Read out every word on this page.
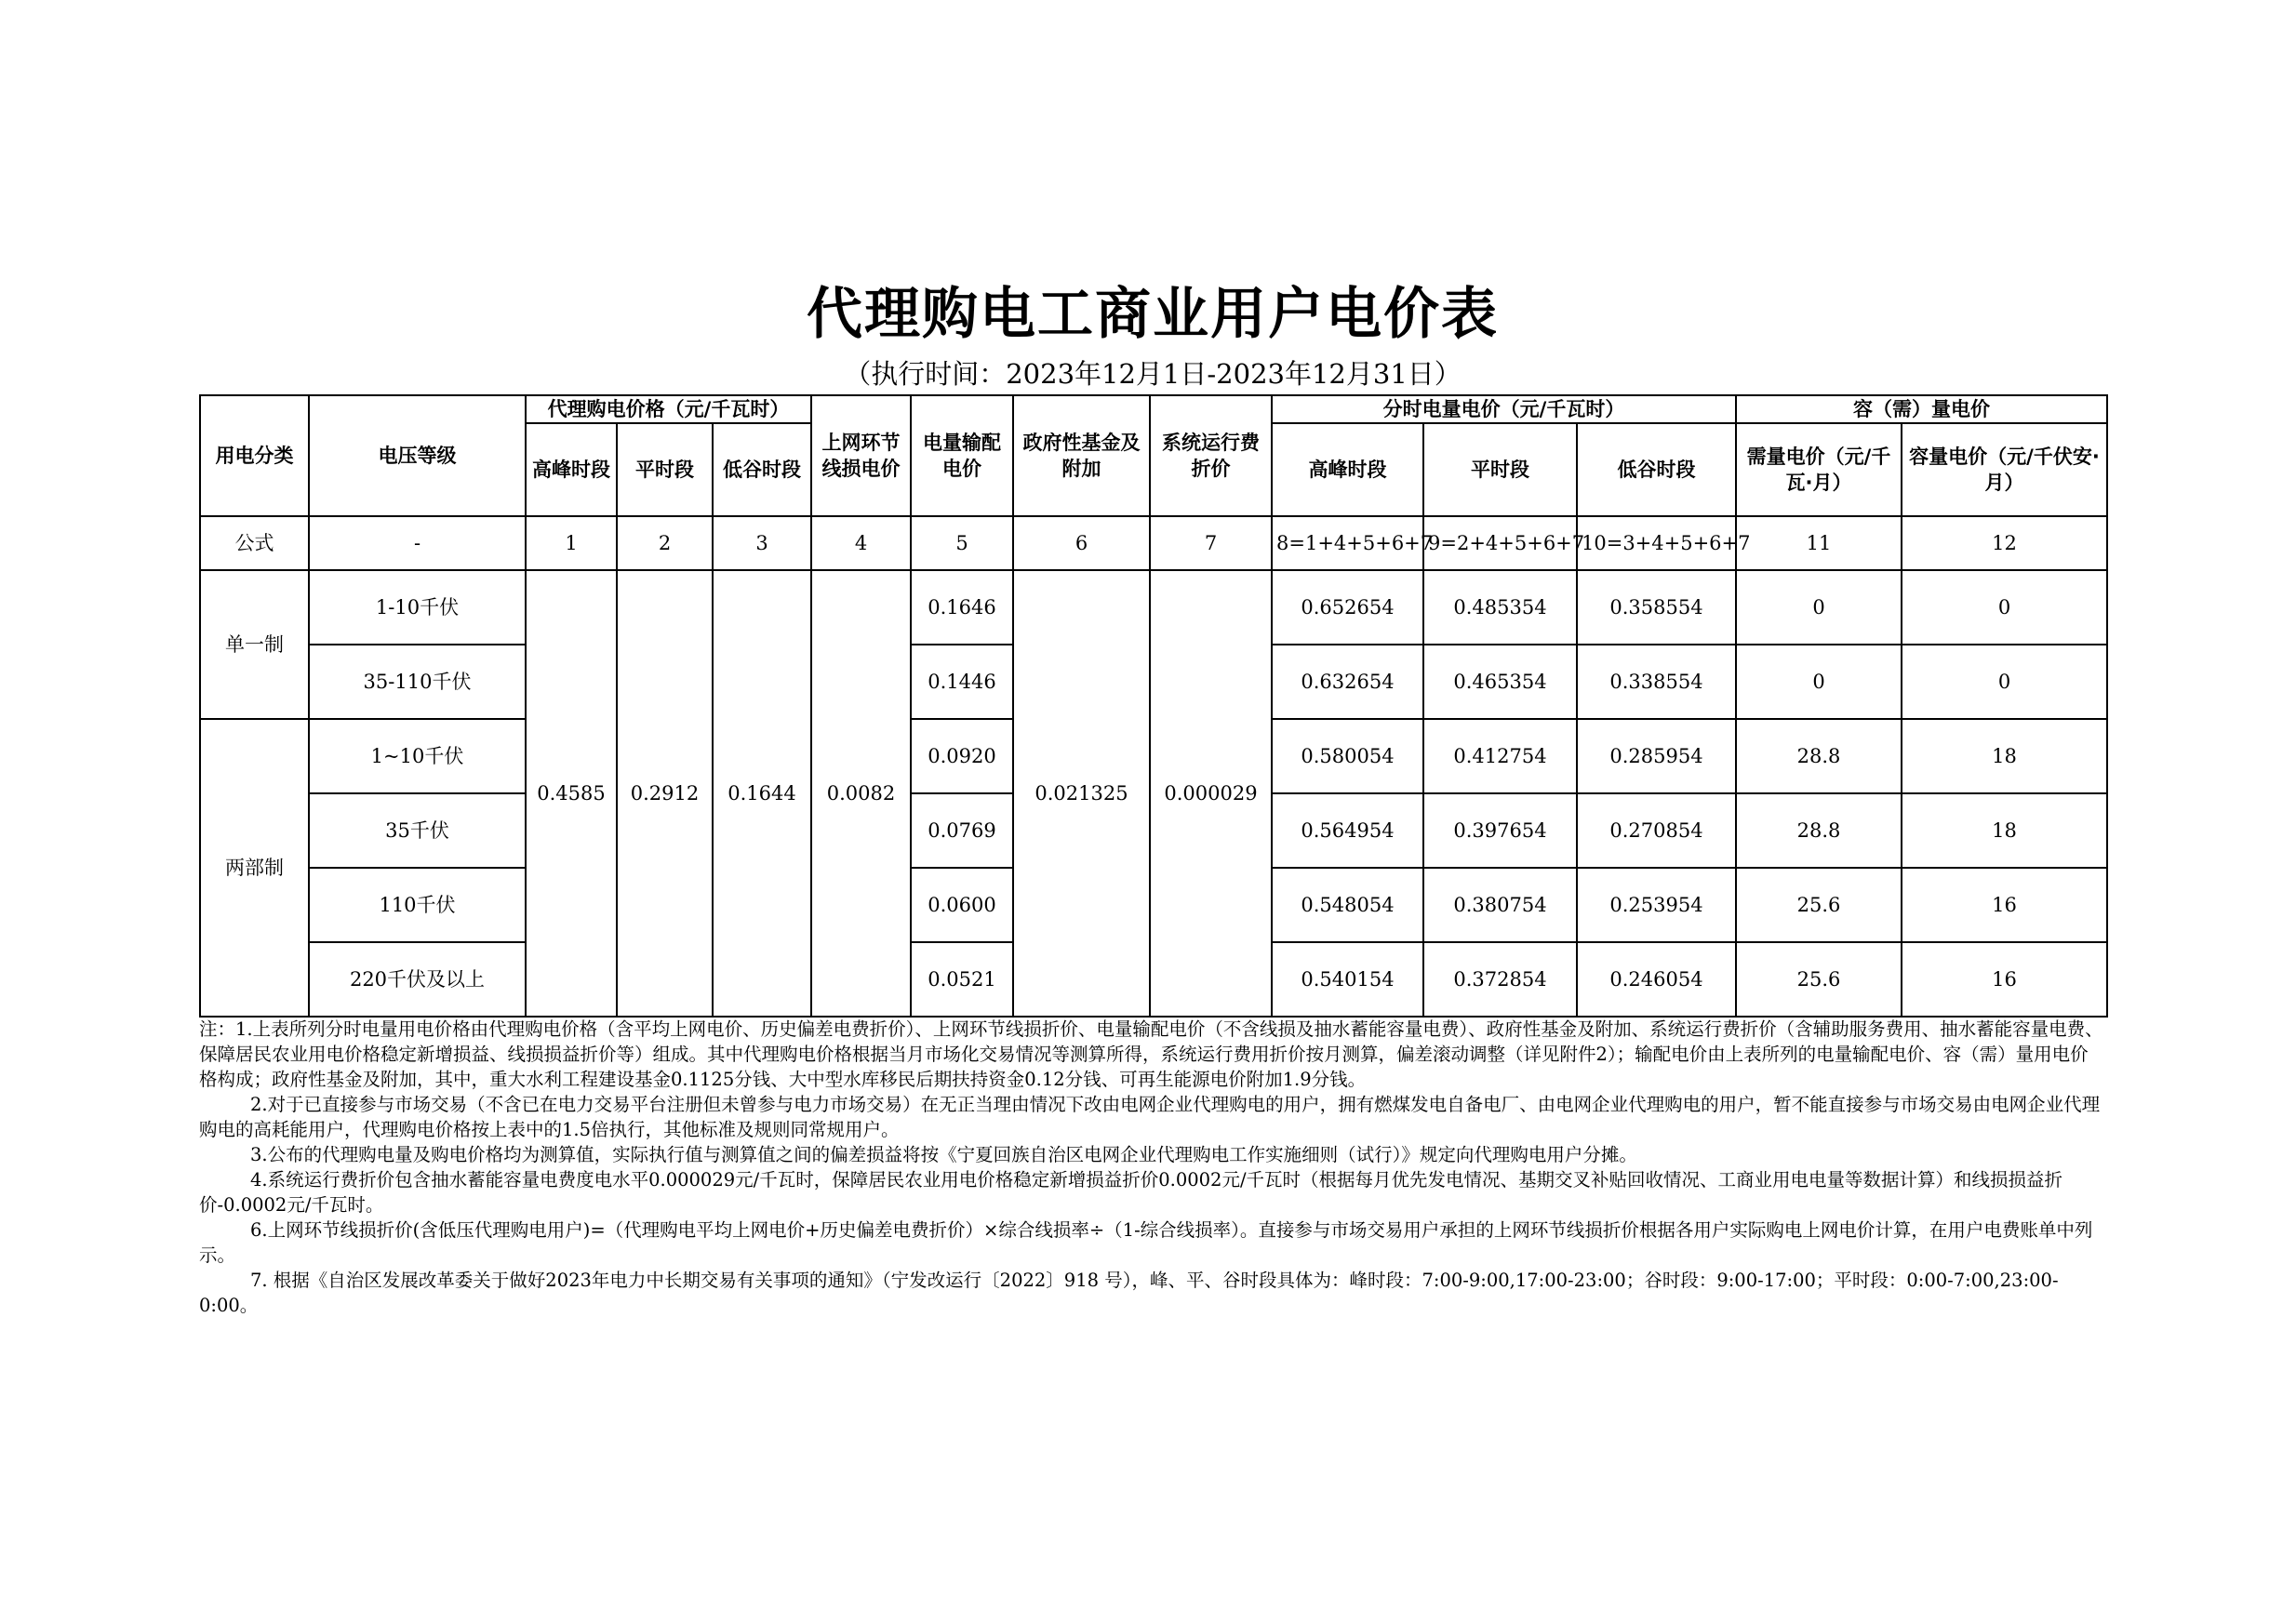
代理购电工商业用户电价表
（执行时间：2023年12月1日-2023年12月31日）
用电分类	电压等级	代理购电价格（元/千瓦时）			上网环节线损电价	电量输配电价	政府性基金及附加	系统运行费折价	分时电量电价（元/千瓦时）			容（需）量电价	
		高峰时段	平时段	低谷时段					高峰时段	平时段	低谷时段	需量电价（元/千瓦·月）	容量电价（元/千伏安·月）
公式	-	1	2	3	4	5	6	7	8=1+4+5+6+7	9=2+4+5+6+7	10=3+4+5+6+7	11	12
单一制	1-10千伏	0.4585	0.2912	0.1644	0.0082	0.1646	0.021325	0.000029	0.652654	0.485354	0.358554	0	0
	35-110千伏					0.1446			0.632654	0.465354	0.338554	0	0
两部制	1~10千伏					0.0920			0.580054	0.412754	0.285954	28.8	18
	35千伏					0.0769			0.564954	0.397654	0.270854	28.8	18
	110千伏					0.0600			0.548054	0.380754	0.253954	25.6	16
	220千伏及以上					0.0521			0.540154	0.372854	0.246054	25.6	16

注：1.上表所列分时电量用电价格由代理购电价格（含平均上网电价、历史偏差电费折价）、上网环节线损折价、电量输配电价（不含线损及抽水蓄能容量电费）、政府性基金及附加、系统运行费折价（含辅助服务费用、抽水蓄能容量电费、保障居民农业用电价格稳定新增损益、线损损益折价等）组成。其中代理购电价格根据当月市场化交易情况等测算所得，系统运行费用折价按月测算，偏差滚动调整（详见附件2）；输配电价由上表所列的电量输配电价、容（需）量用电价格构成；政府性基金及附加，其中，重大水利工程建设基金0.1125分钱、大中型水库移民后期扶持资金0.12分钱、可再生能源电价附加1.9分钱。

2.对于已直接参与市场交易（不含已在电力交易平台注册但未曾参与电力市场交易）在无正当理由情况下改由电网企业代理购电的用户，拥有燃煤发电自备电厂、由电网企业代理购电的用户，暂不能直接参与市场交易由电网企业代理购电的高耗能用户，代理购电价格按上表中的1.5倍执行，其他标准及规则同常规用户。

3.公布的代理购电量及购电价格均为测算值，实际执行值与测算值之间的偏差损益将按《宁夏回族自治区电网企业代理购电工作实施细则（试行）》规定向代理购电用户分摊。

4.系统运行费折价包含抽水蓄能容量电费度电水平0.000029元/千瓦时，保障居民农业用电价格稳定新增损益折价0.0002元/千瓦时（根据每月优先发电情况、基期交叉补贴回收情况、工商业用电电量等数据计算）和线损损益折价-0.0002元/千瓦时。

6.上网环节线损折价(含低压代理购电用户)=（代理购电平均上网电价+历史偏差电费折价）×综合线损率÷（1-综合线损率）。直接参与市场交易用户承担的上网环节线损折价根据各用户实际购电上网电价计算，在用户电费账单中列示。

7. 根据《自治区发展改革委关于做好2023年电力中长期交易有关事项的通知》（宁发改运行〔2022〕918 号），峰、平、谷时段具体为：峰时段：7:00-9:00,17:00-23:00；谷时段：9:00-17:00；平时段：0:00-7:00,23:00-0:00。
